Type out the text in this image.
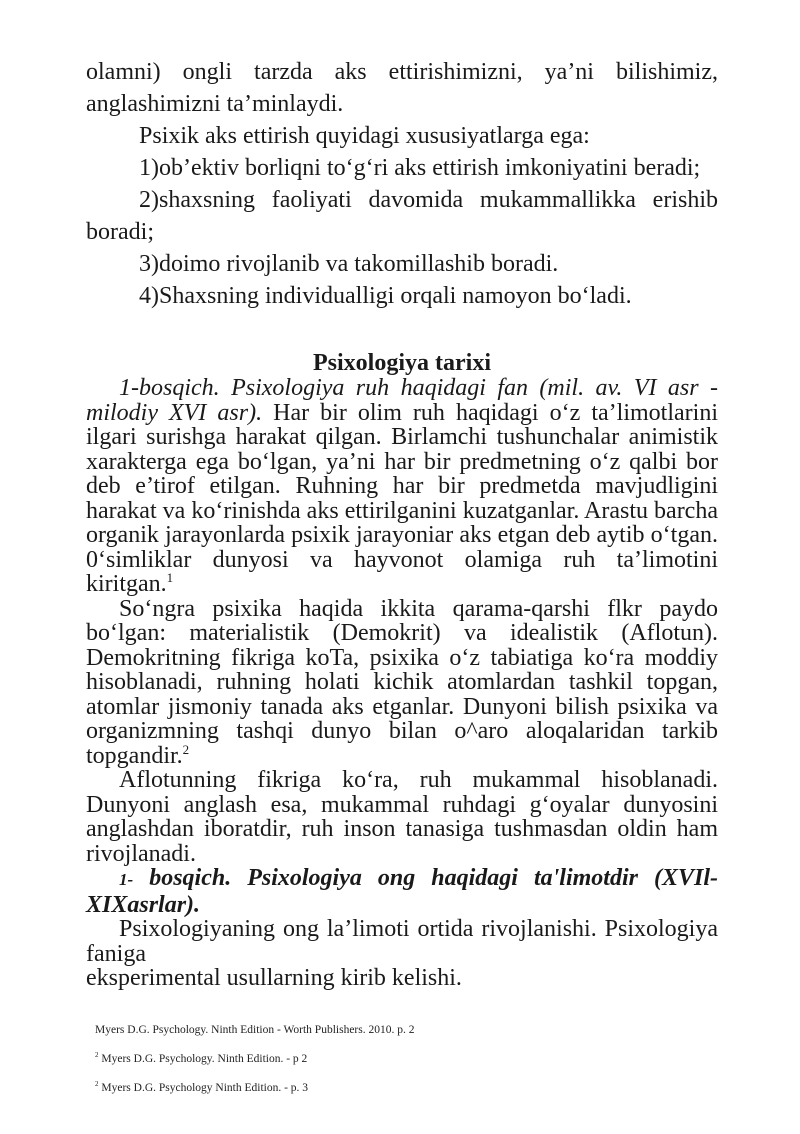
olamni) ongli tarzda aks ettirishimizni, ya’ni bilishimiz, anglashimizni ta’minlaydi.

Psixik aks ettirish quyidagi xususiyatlarga ega:

1)ob’ektiv borliqni to‘g‘ri aks ettirish imkoniyatini beradi;

2)shaxsning faoliyati davomida mukammallikka erishib boradi;

3)doimo rivojlanib va takomillashib boradi.

4)Shaxsning individualligi orqali namoyon bo‘ladi.

Psixologiya tarixi

1-bosqich. Psixologiya ruh haqidagi fan (mil. av. VI asr - milodiy XVI asr). Har bir olim ruh haqidagi o‘z ta’limotlarini ilgari surishga harakat qilgan. Birlamchi tushunchalar animistik xarakterga ega bo‘lgan, ya’ni har bir predmetning o‘z qalbi bor deb e’tirof etilgan. Ruhning har bir predmetda mavjudligini harakat va ko‘rinishda aks ettirilganini kuzatganlar. Arastu barcha organik jarayonlarda psixik jarayoniar aks etgan deb aytib o‘tgan. 0‘simliklar dunyosi va hayvonot olamiga ruh ta’limotini kiritgan.$^1$

So‘ngra psixika haqida ikkita qarama-qarshi flkr paydo bo‘lgan: materialistik (Demokrit) va idealistik (Aflotun). Demokritning fikriga koTa, psixika o‘z tabiatiga ko‘ra moddiy hisoblanadi, ruhning holati kichik atomlardan tashkil topgan, atomlar jismoniy tanada aks etganlar. Dunyoni bilish psixika va organizmning tashqi dunyo bilan o^aro aloqalaridan tarkib topgandir.$^2$

Aflotunning fikriga ko‘ra, ruh mukammal hisoblanadi. Dunyoni anglash esa, mukammal ruhdagi g‘oyalar dunyosini anglashdan iboratdir, ruh inson tanasiga tushmasdan oldin ham rivojlanadi.

1- bosqich. Psixologiya ong haqidagi ta'limotdir (XVIl-XIXasrlar).

Psixologiyaning ong la’limoti ortida rivojlanishi. Psixologiya faniga

eksperimental usullarning kirib kelishi.

Myers D.G. Psychology. Ninth Edition - Worth Publishers. 2010. p. 2

$^2$ Myers D.G. Psychology. Ninth Edition. - p 2

$^2$ Myers D.G. Psychology Ninth Edition. - p. 3
